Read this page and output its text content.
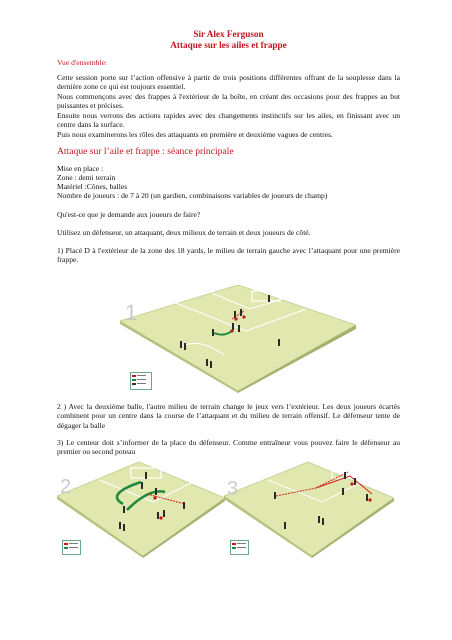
Sir Alex Ferguson
Attaque sur les ailes et frappe
Vue d'ensemble:

Cette session porte sur l’action offensive à partir de trois positions différentes offrant de la souplesse dans la dernière zone ce qui est toujours essentiel.

Nous commençons avec des frappes à l'extérieur de la boîte, en créant des occasions pour des frappes au but puissantes et précises.

Ensuite nous verrons des actions rapides avec des changements instinctifs sur les ailes, en finissant avec un centre dans la surface.

Puis nous examinerons les rôles des attaquants en première et deuxième vagues de centres.

Attaque sur l’aile et frappe : séance principale
Mise en place :
Zone : demi terrain
Matériel :Cônes, balles
Nombre de joueurs : de 7 à 20 (un gardien, combinaisons variables de joueurs de champ)
Qu'est-ce que je demande aux joueurs de faire?
Utilisez un défenseur, un attaquant, deux milieux de terrain et deux joueurs de côté.

1) Placé D à l'extérieur de la zone des 18 yards, le milieu de terrain gauche avec l’attaquant pour une première frappe.

1

2 ) Avec la deuxième balle, l'autre milieu de terrain change le jeux vers l’extérieur. Les deux joueurs écartés combinent pour un centre dans la course de l’attaquant et du milieu de terrain offensif. Le défenseur tente de dégager la balle

3) Le centeur doit s’informer de la place du défenseur. Comme entraîneur vous pouvez faire le défenseur au premier ou second poteau

2	3
